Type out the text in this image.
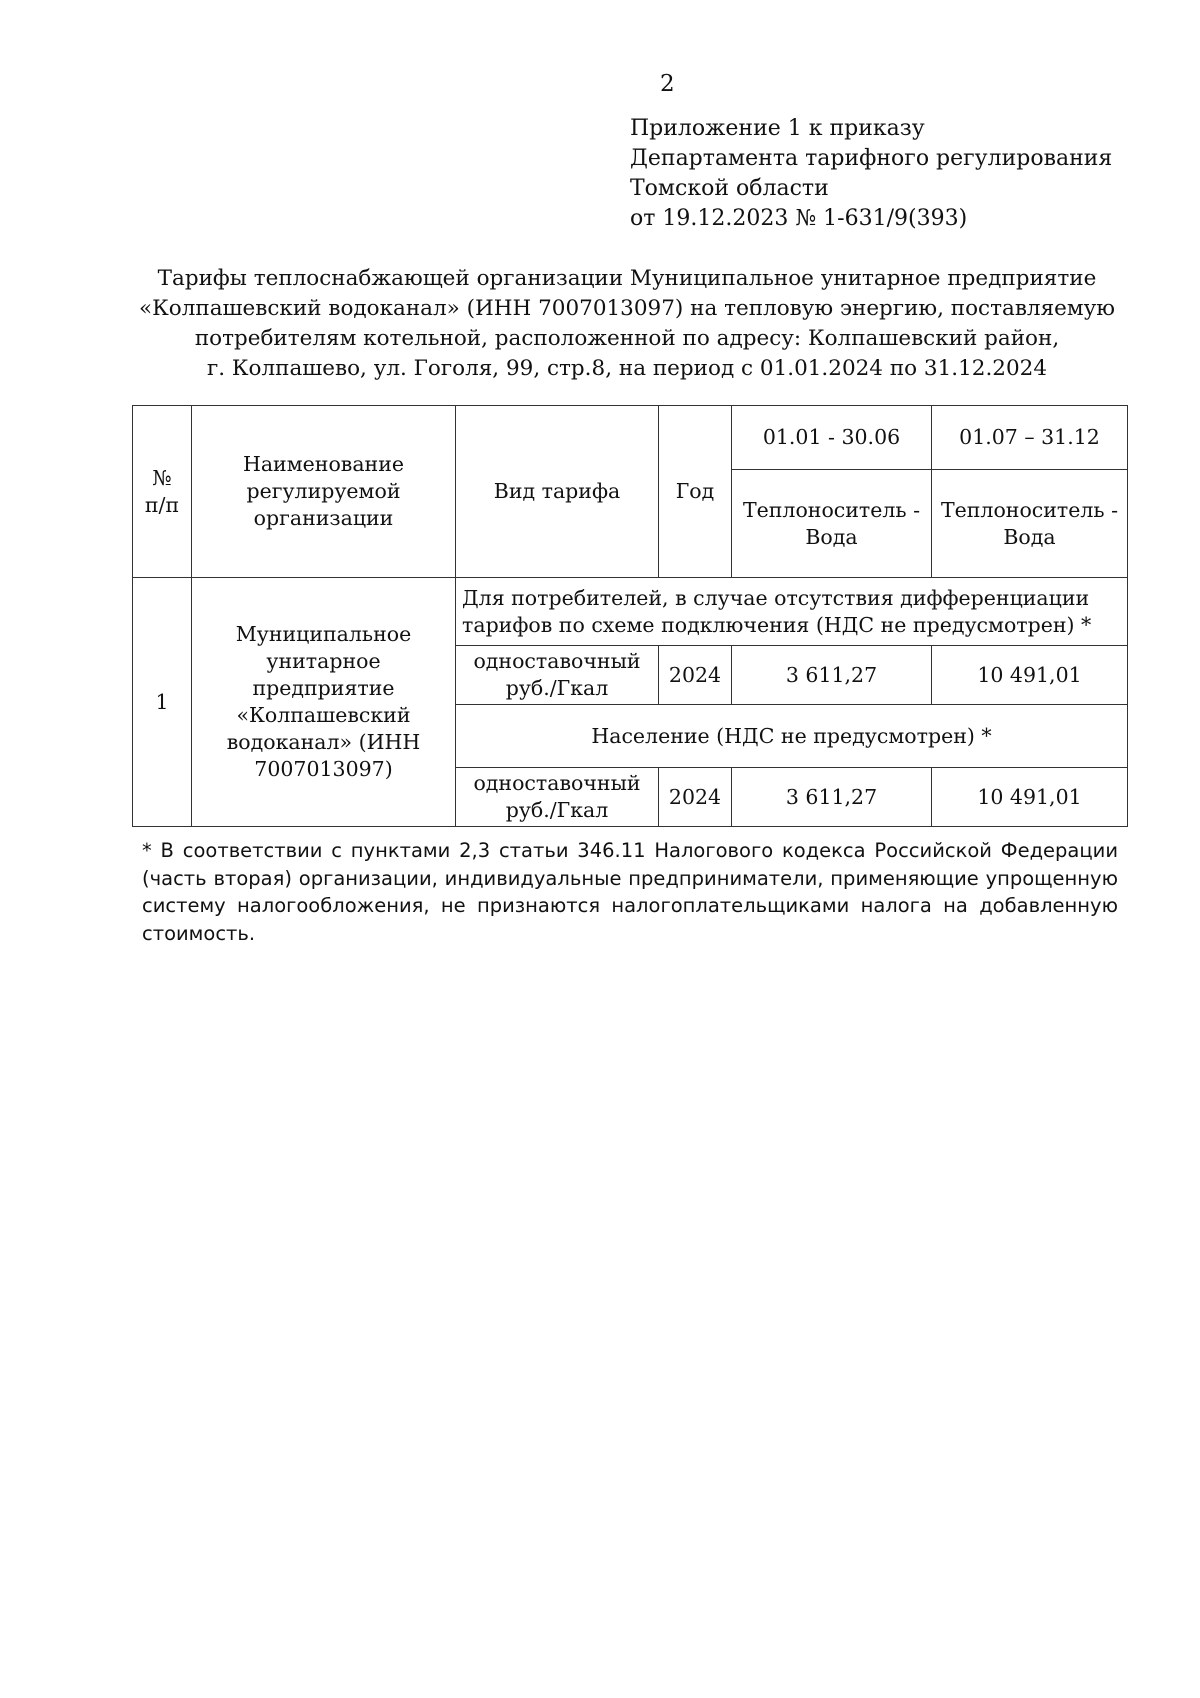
2
Приложение 1 к приказу
Департамента тарифного регулирования
Томской области
от 19.12.2023 № 1-631/9(393)
Тарифы теплоснабжающей организации Муниципальное унитарное предприятие
«Колпашевский водоканал» (ИНН 7007013097) на тепловую энергию, поставляемую
потребителям котельной, расположенной по адресу: Колпашевский район,
г. Колпашево, ул. Гоголя, 99, стр.8, на период с 01.01.2024 по 31.12.2024
№ п/п	Наименование регулируемой организации	Вид тарифа	Год	01.01 - 30.06	01.07 – 31.12
				Теплоноситель - Вода	Теплоноситель - Вода
1	Муниципальное унитарное предприятие «Колпашевский водоканал» (ИНН 7007013097)	Для потребителей, в случае отсутствия дифференциации тарифов по схеме подключения (НДС не предусмотрен) *			
		одноставочный руб./Гкал	2024	3 611,27	10 491,01
		Население (НДС не предусмотрен) *			
		одноставочный руб./Гкал	2024	3 611,27	10 491,01
* В соответствии с пунктами 2,3 статьи 346.11 Налогового кодекса Российской Федерации (часть вторая) организации, индивидуальные предприниматели, применяющие упрощенную систему налогообложения, не признаются налогоплательщиками налога на добавленную стоимость.
